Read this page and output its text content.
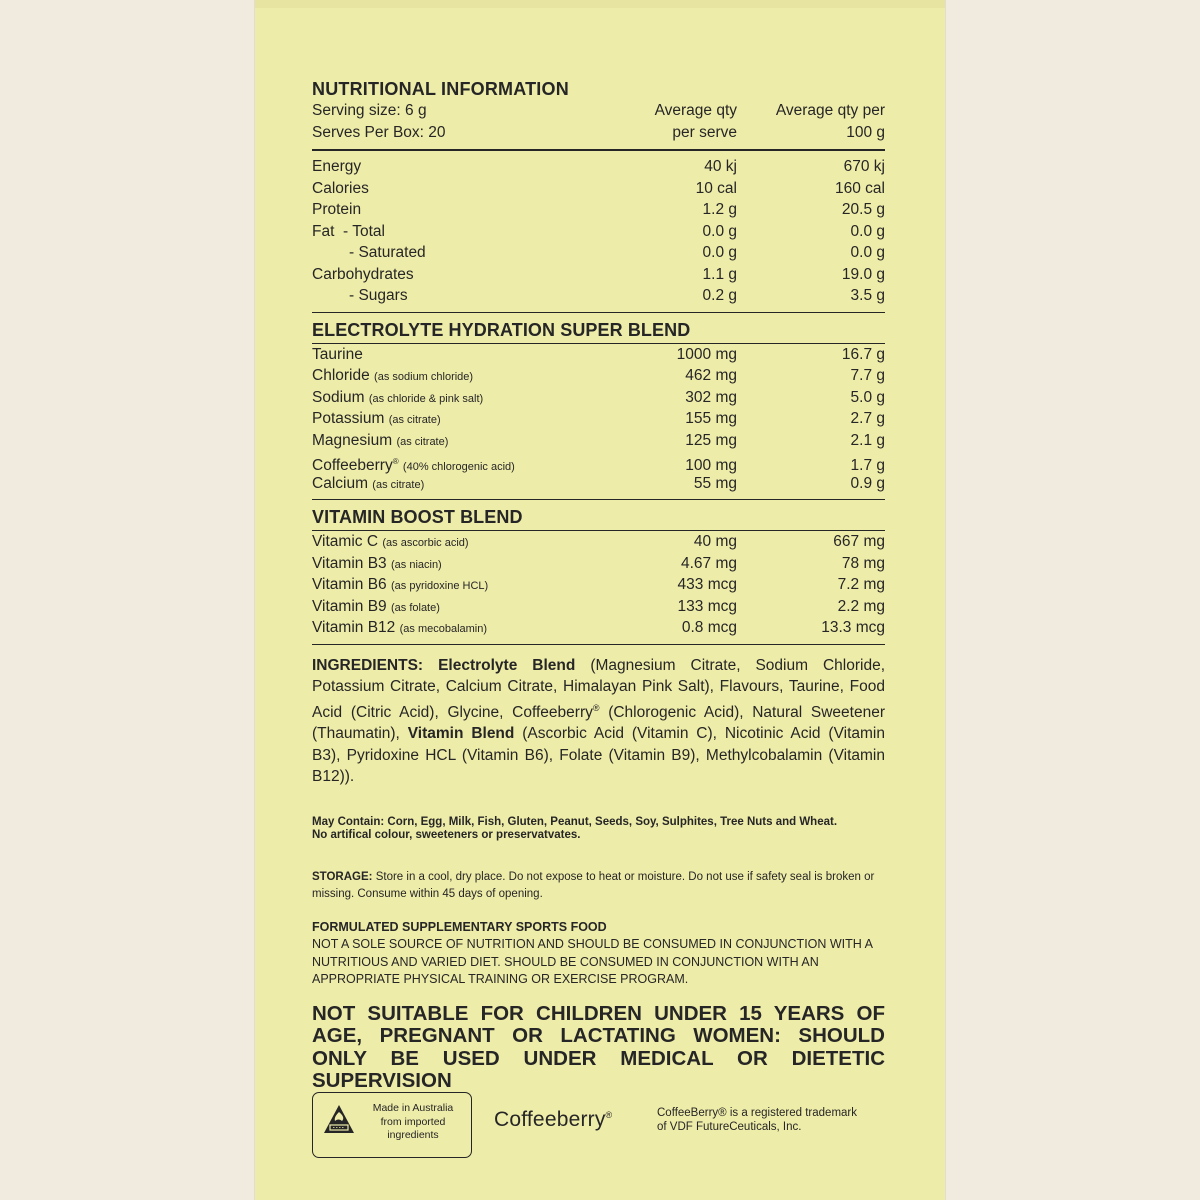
NUTRITIONAL INFORMATION
Serving size: 6 g	Average qty	Average qty per
Serves Per Box: 20	per serve	100 g
Energy	40 kj	670 kj
Calories	10 cal	160 cal
Protein	1.2 g	20.5 g
Fat  - Total	0.0 g	0.0 g
- Saturated	0.0 g	0.0 g
Carbohydrates	1.1 g	19.0 g
- Sugars	0.2 g	3.5 g
ELECTROLYTE HYDRATION SUPER BLEND
Taurine	1000 mg	16.7 g
Chloride (as sodium chloride)	462 mg	7.7 g
Sodium (as chloride & pink salt)	302 mg	5.0 g
Potassium (as citrate)	155 mg	2.7 g
Magnesium (as citrate)	125 mg	2.1 g
Coffeeberry® (40% chlorogenic acid)	100 mg	1.7 g
Calcium (as citrate)	55 mg	0.9 g
VITAMIN BOOST BLEND
Vitamic C (as ascorbic acid)	40 mg	667 mg
Vitamin B3 (as niacin)	4.67 mg	78 mg
Vitamin B6 (as pyridoxine HCL)	433 mcg	7.2 mg
Vitamin B9 (as folate)	133 mcg	2.2 mg
Vitamin B12 (as mecobalamin)	0.8 mcg	13.3 mcg
INGREDIENTS: Electrolyte Blend (Magnesium Citrate, Sodium Chloride, Potassium Citrate, Calcium Citrate, Himalayan Pink Salt), Flavours, Taurine, Food Acid (Citric Acid), Glycine, Coffeeberry® (Chlorogenic Acid), Natural Sweetener (Thaumatin), Vitamin Blend (Ascorbic Acid (Vitamin C), Nicotinic Acid (Vitamin B3), Pyridoxine HCL (Vitamin B6), Folate (Vitamin B9), Methylcobalamin (Vitamin B12)).
May Contain: Corn, Egg, Milk, Fish, Gluten, Peanut, Seeds, Soy, Sulphites, Tree Nuts and Wheat.
No artifical colour, sweeteners or preservatvates.
STORAGE: Store in a cool, dry place. Do not expose to heat or moisture. Do not use if safety seal is broken or missing. Consume within 45 days of opening.
FORMULATED SUPPLEMENTARY SPORTS FOOD
NOT A SOLE SOURCE OF NUTRITION AND SHOULD BE CONSUMED IN CONJUNCTION WITH A NUTRITIOUS AND VARIED DIET. SHOULD BE CONSUMED IN CONJUNCTION WITH AN APPROPRIATE PHYSICAL TRAINING OR EXERCISE PROGRAM.
NOT SUITABLE FOR CHILDREN UNDER 15 YEARS OF AGE, PREGNANT OR LACTATING WOMEN: SHOULD ONLY BE USED UNDER MEDICAL OR DIETETIC SUPERVISION
Made in Australia
from imported
ingredients
Coffeeberry®	CoffeeBerry® is a registered trademark
of VDF FutureCeuticals, Inc.
